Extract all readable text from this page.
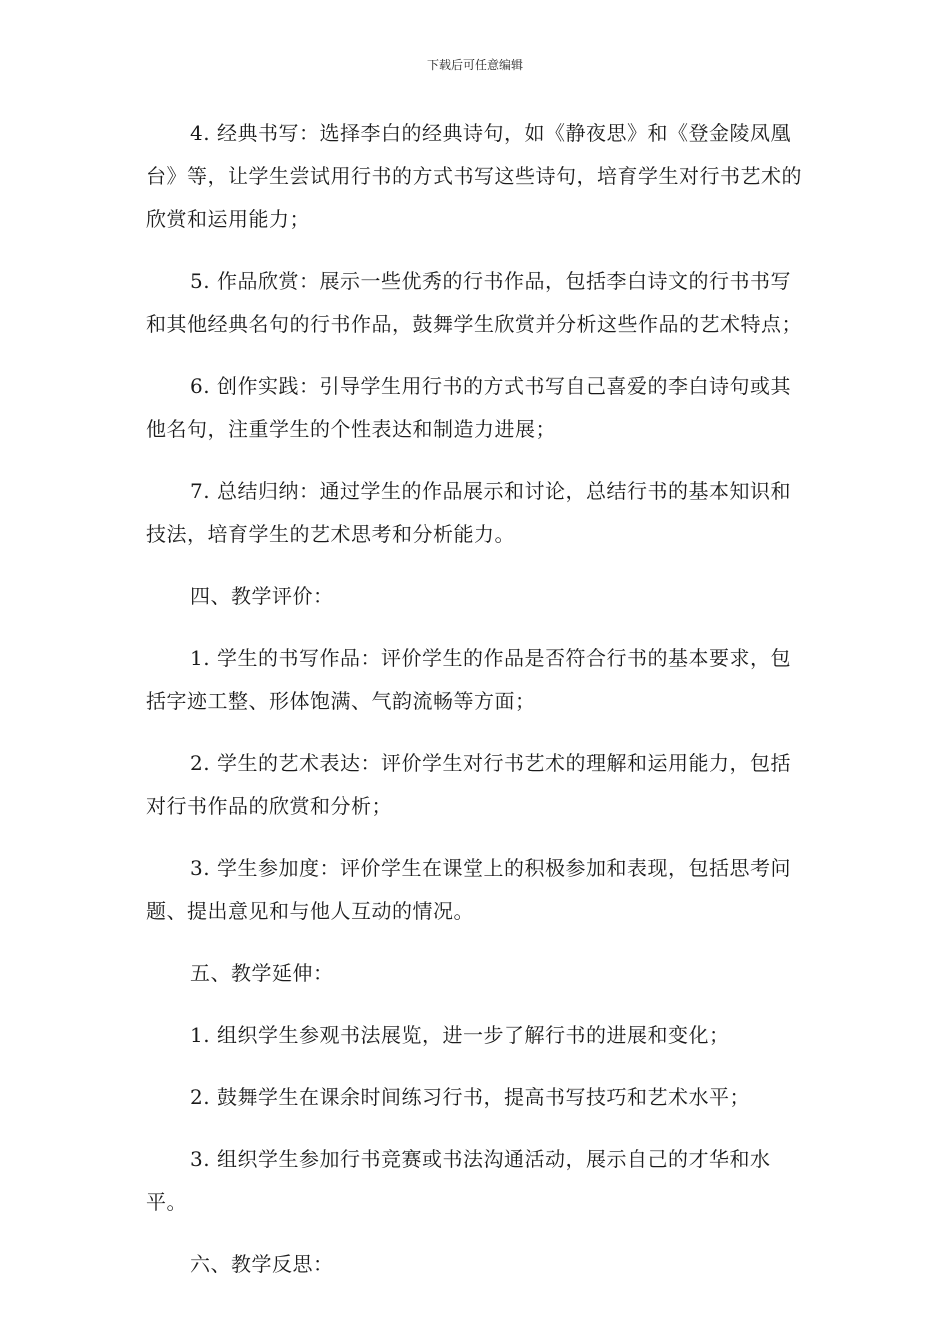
下载后可任意编辑

4. 经典书写：选择李白的经典诗句，如《静夜思》和《登金陵凤凰台》等，让学生尝试用行书的方式书写这些诗句，培育学生对行书艺术的欣赏和运用能力；

5. 作品欣赏：展示一些优秀的行书作品，包括李白诗文的行书书写和其他经典名句的行书作品，鼓舞学生欣赏并分析这些作品的艺术特点；

6. 创作实践：引导学生用行书的方式书写自己喜爱的李白诗句或其他名句，注重学生的个性表达和制造力进展；

7. 总结归纳：通过学生的作品展示和讨论，总结行书的基本知识和技法，培育学生的艺术思考和分析能力。

四、教学评价：

1. 学生的书写作品：评价学生的作品是否符合行书的基本要求，包括字迹工整、形体饱满、气韵流畅等方面；

2. 学生的艺术表达：评价学生对行书艺术的理解和运用能力，包括对行书作品的欣赏和分析；

3. 学生参加度：评价学生在课堂上的积极参加和表现，包括思考问题、提出意见和与他人互动的情况。

五、教学延伸：

1. 组织学生参观书法展览，进一步了解行书的进展和变化；

2. 鼓舞学生在课余时间练习行书，提高书写技巧和艺术水平；

3. 组织学生参加行书竞赛或书法沟通活动，展示自己的才华和水平。

六、教学反思：
